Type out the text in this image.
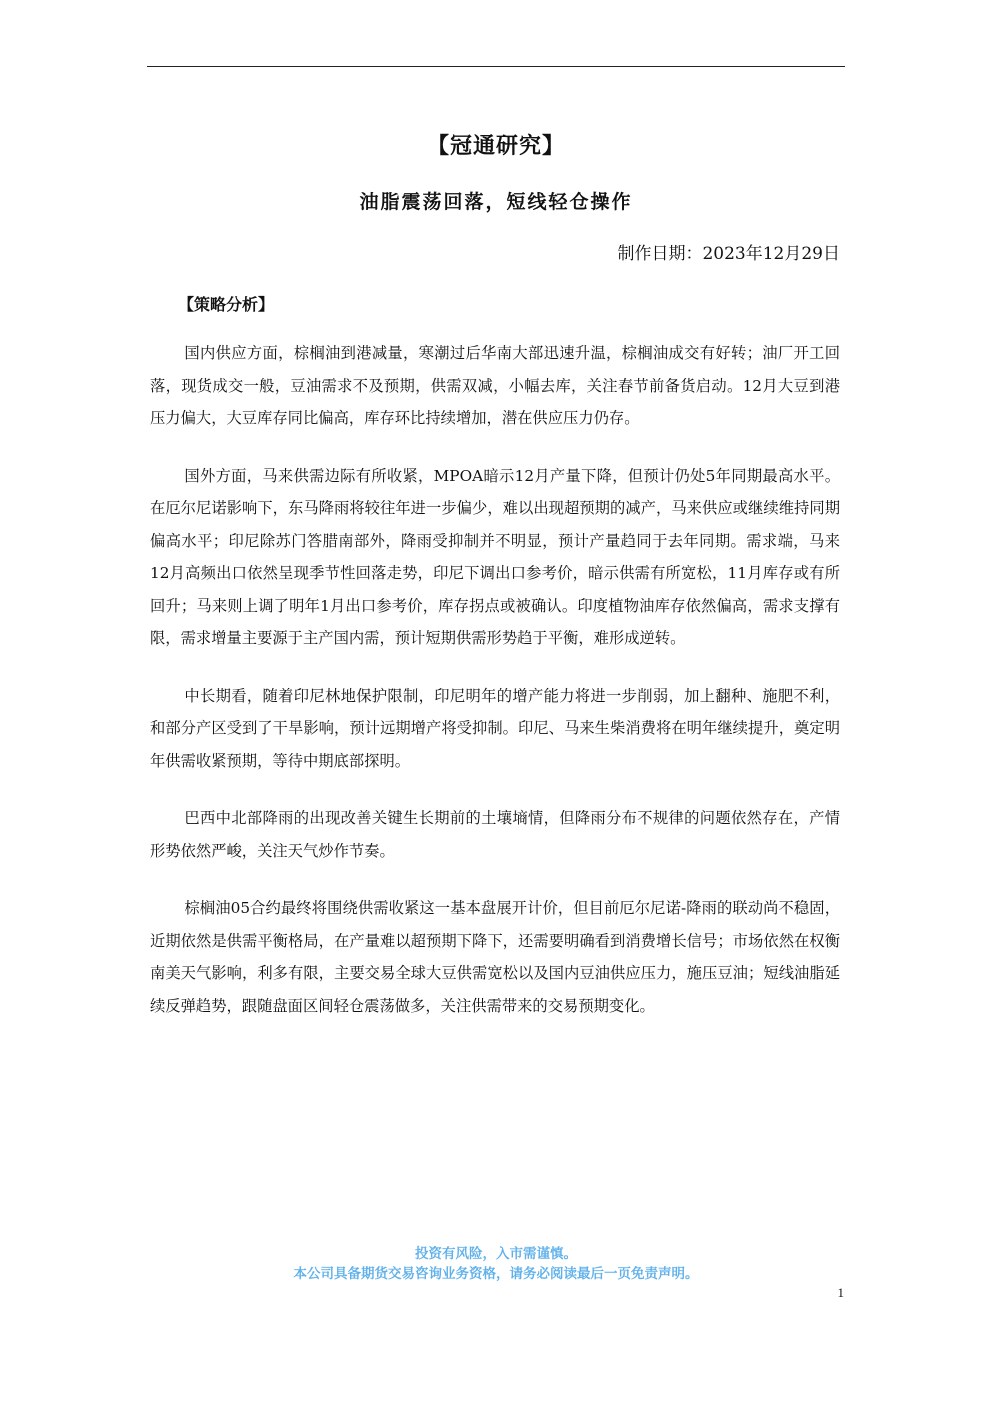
【冠通研究】
油脂震荡回落，短线轻仓操作
制作日期：2023年12月29日
【策略分析】

国内供应方面，棕榈油到港减量，寒潮过后华南大部迅速升温，棕榈油成交有好转；油厂开工回落，现货成交一般，豆油需求不及预期，供需双减，小幅去库，关注春节前备货启动。12月大豆到港压力偏大，大豆库存同比偏高，库存环比持续增加，潜在供应压力仍存。

国外方面，马来供需边际有所收紧，MPOA暗示12月产量下降，但预计仍处5年同期最高水平。在厄尔尼诺影响下，东马降雨将较往年进一步偏少，难以出现超预期的减产，马来供应或继续维持同期偏高水平；印尼除苏门答腊南部外，降雨受抑制并不明显，预计产量趋同于去年同期。需求端，马来12月高频出口依然呈现季节性回落走势，印尼下调出口参考价，暗示供需有所宽松，11月库存或有所回升；马来则上调了明年1月出口参考价，库存拐点或被确认。印度植物油库存依然偏高，需求支撑有限，需求增量主要源于主产国内需，预计短期供需形势趋于平衡，难形成逆转。

中长期看，随着印尼林地保护限制，印尼明年的增产能力将进一步削弱，加上翻种、施肥不利，和部分产区受到了干旱影响，预计远期增产将受抑制。印尼、马来生柴消费将在明年继续提升，奠定明年供需收紧预期，等待中期底部探明。

巴西中北部降雨的出现改善关键生长期前的土壤墒情，但降雨分布不规律的问题依然存在，产情形势依然严峻，关注天气炒作节奏。

棕榈油05合约最终将围绕供需收紧这一基本盘展开计价，但目前厄尔尼诺-降雨的联动尚不稳固，近期依然是供需平衡格局，在产量难以超预期下降下，还需要明确看到消费增长信号；市场依然在权衡南美天气影响，利多有限，主要交易全球大豆供需宽松以及国内豆油供应压力，施压豆油；短线油脂延续反弹趋势，跟随盘面区间轻仓震荡做多，关注供需带来的交易预期变化。

投资有风险，入市需谨慎。
本公司具备期货交易咨询业务资格，请务必阅读最后一页免责声明。
1
